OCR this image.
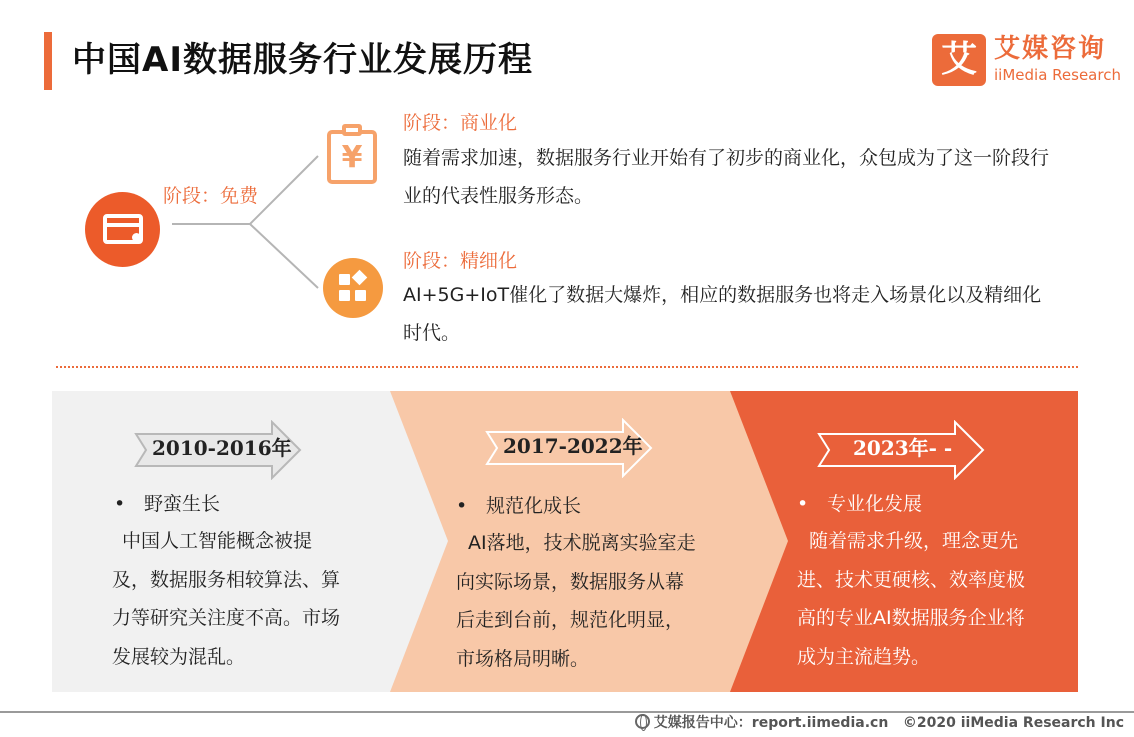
中国AI数据服务行业发展历程	艾 艾媒咨询
iiMedia Research
阶段：免费
¥
阶段：商业化
随着需求加速，数据服务行业开始有了初步的商业化，众包成为了这一阶段行业的代表性服务形态。
阶段：精细化
AI+5G+IoT催化了数据大爆炸，相应的数据服务也将走入场景化以及精细化时代。
2010-2016年	2017-2022年	2023年- -
• 野蛮生长
中国人工智能概念被提及，数据服务相较算法、算力等研究关注度不高。市场发展较为混乱。
• 规范化成长
AI落地，技术脱离实验室走向实际场景，数据服务从幕后走到台前，规范化明显，市场格局明晰。
• 专业化发展
随着需求升级，理念更先进、技术更硬核、效率度极高的专业AI数据服务企业将成为主流趋势。
艾媒报告中心：report.iimedia.cn ©2020 iiMedia Research Inc
